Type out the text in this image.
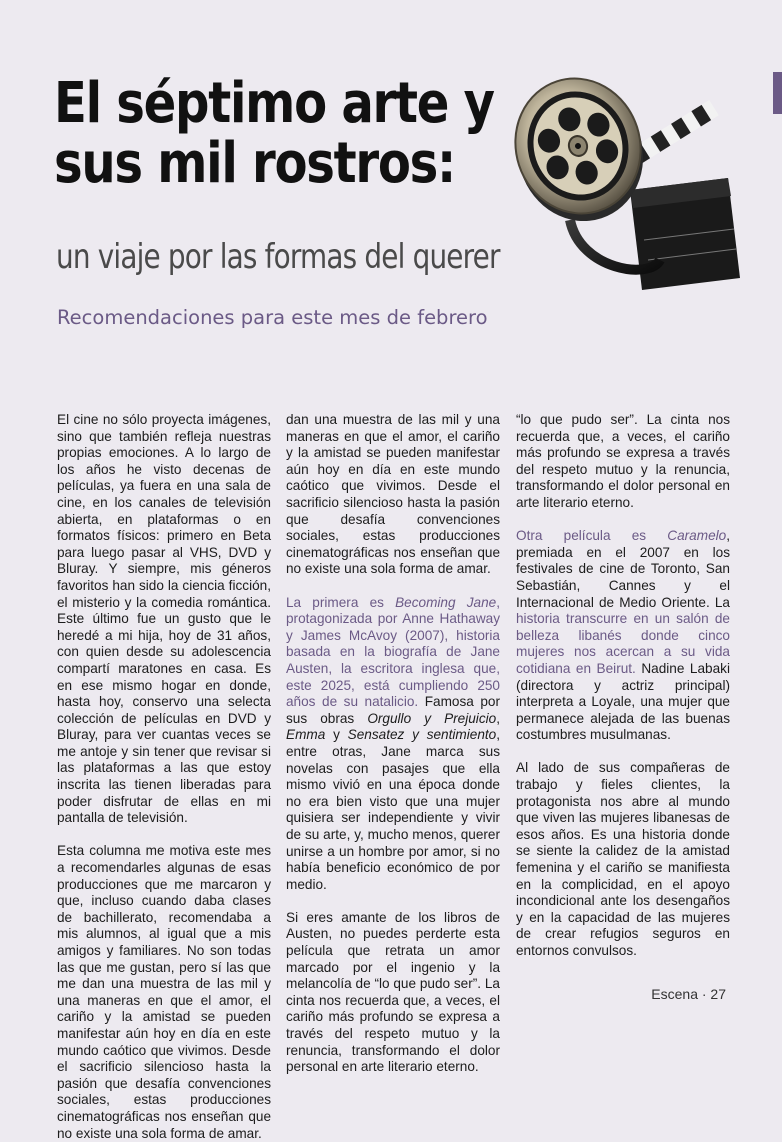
El séptimo arte y
sus mil rostros:
un viaje por las formas del querer
Recomendaciones para este mes de febrero

El cine no sólo proyecta imágenes, sino que también refleja nuestras propias emociones. A lo largo de los años he visto decenas de películas, ya fuera en una sala de cine, en los canales de televisión abierta, en plataformas o en formatos físicos: primero en Beta para luego pasar al VHS, DVD y Bluray. Y siempre, mis géneros favoritos han sido la ciencia ficción, el misterio y la comedia romántica. Este último fue un gusto que le heredé a mi hija, hoy de 31 años, con quien desde su adolescencia compartí maratones en casa. Es en ese mismo hogar en donde, hasta hoy, conservo una selecta colección de películas en DVD y Bluray, para ver cuantas veces se me antoje y sin tener que revisar si las plataformas a las que estoy inscrita las tienen liberadas para poder disfrutar de ellas en mi pantalla de televisión.

Esta columna me motiva este mes a recomendarles algunas de esas producciones que me marcaron y que, incluso cuando daba clases de bachillerato, recomendaba a mis alumnos, al igual que a mis amigos y familiares. No son todas las que me gustan, pero sí las que me dan una muestra de las mil y una maneras en que el amor, el cariño y la amistad se pueden manifestar aún hoy en día en este mundo caótico que vivimos. Desde el sacrificio silencioso hasta la pasión que desafía convenciones sociales, estas producciones cinematográficas nos enseñan que no existe una sola forma de amar.

dan una muestra de las mil y una maneras en que el amor, el cariño y la amistad se pueden manifestar aún hoy en día en este mundo caótico que vivimos. Desde el sacrificio silencioso hasta la pasión que desafía convenciones sociales, estas producciones cinematográficas nos enseñan que no existe una sola forma de amar.

La primera es Becoming Jane, protagonizada por Anne Hathaway y James McAvoy (2007), historia basada en la biografía de Jane Austen, la escritora inglesa que, este 2025, está cumpliendo 250 años de su natalicio. Famosa por sus obras Orgullo y Prejuicio, Emma y Sensatez y sentimiento, entre otras, Jane marca sus novelas con pasajes que ella mismo vivió en una época donde no era bien visto que una mujer quisiera ser independiente y vivir de su arte, y, mucho menos, querer unirse a un hombre por amor, si no había beneficio económico de por medio.

Si eres amante de los libros de Austen, no puedes perderte esta película que retrata un amor marcado por el ingenio y la melancolía de “lo que pudo ser”. La cinta nos recuerda que, a veces, el cariño más profundo se expresa a través del respeto mutuo y la renuncia, transformando el dolor personal en arte literario eterno.

“lo que pudo ser”. La cinta nos recuerda que, a veces, el cariño más profundo se expresa a través del respeto mutuo y la renuncia, transformando el dolor personal en arte literario eterno.

Otra película es Caramelo, premiada en el 2007 en los festivales de cine de Toronto, San Sebastián, Cannes y el Internacional de Medio Oriente. La historia transcurre en un salón de belleza libanés donde cinco mujeres nos acercan a su vida cotidiana en Beirut. Nadine Labaki (directora y actriz principal) interpreta a Loyale, una mujer que permanece alejada de las buenas costumbres musulmanas.

Al lado de sus compañeras de trabajo y fieles clientes, la protagonista nos abre al mundo que viven las mujeres libanesas de esos años. Es una historia donde se siente la calidez de la amistad femenina y el cariño se manifiesta en la complicidad, en el apoyo incondicional ante los desengaños y en la capacidad de las mujeres de crear refugios seguros en entornos convulsos.

Escena · 27
